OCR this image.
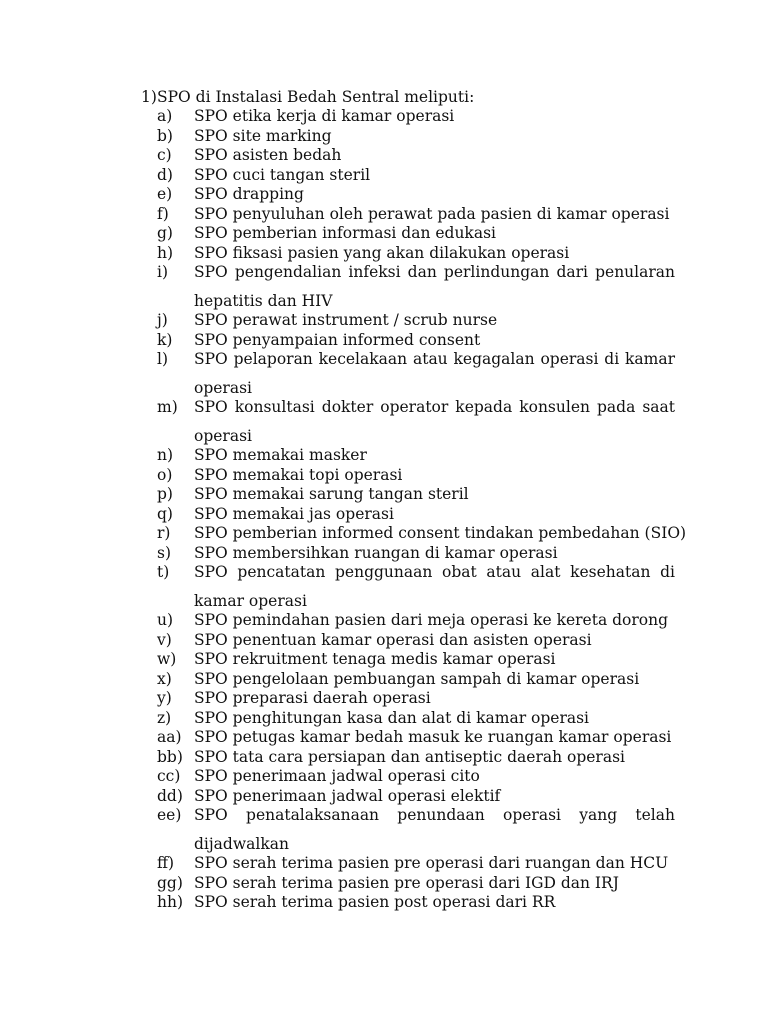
1)SPO di Instalasi Bedah Sentral meliputi:
a) SPO etika kerja di kamar operasi
b) SPO site marking
c) SPO asisten bedah
d) SPO cuci tangan steril
e) SPO drapping
f) SPO penyuluhan oleh perawat pada pasien di kamar operasi
g) SPO pemberian informasi dan edukasi
h) SPO fiksasi pasien yang akan dilakukan operasi
i) SPO pengendalian infeksi dan perlindungan dari penularan
hepatitis dan HIV
j) SPO perawat instrument / scrub nurse
k) SPO penyampaian informed consent
l) SPO pelaporan kecelakaan atau kegagalan operasi di kamar
operasi
m) SPO konsultasi dokter operator kepada konsulen pada saat
operasi
n) SPO memakai masker
o) SPO memakai topi operasi
p) SPO memakai sarung tangan steril
q) SPO memakai jas operasi
r) SPO pemberian informed consent tindakan pembedahan (SIO)
s) SPO membersihkan ruangan di kamar operasi
t) SPO pencatatan penggunaan obat atau alat kesehatan di
kamar operasi
u) SPO pemindahan pasien dari meja operasi ke kereta dorong
v) SPO penentuan kamar operasi dan asisten operasi
w) SPO rekruitment tenaga medis kamar operasi
x) SPO pengelolaan pembuangan sampah di kamar operasi
y) SPO preparasi daerah operasi
z) SPO penghitungan kasa dan alat di kamar operasi
aa) SPO petugas kamar bedah masuk ke ruangan kamar operasi
bb) SPO tata cara persiapan dan antiseptic daerah operasi
cc) SPO penerimaan jadwal operasi cito
dd) SPO penerimaan jadwal operasi elektif
ee) SPO penatalaksanaan penundaan operasi yang telah
dijadwalkan
ff) SPO serah terima pasien pre operasi dari ruangan dan HCU
gg) SPO serah terima pasien pre operasi dari IGD dan IRJ
hh) SPO serah terima pasien post operasi dari RR
